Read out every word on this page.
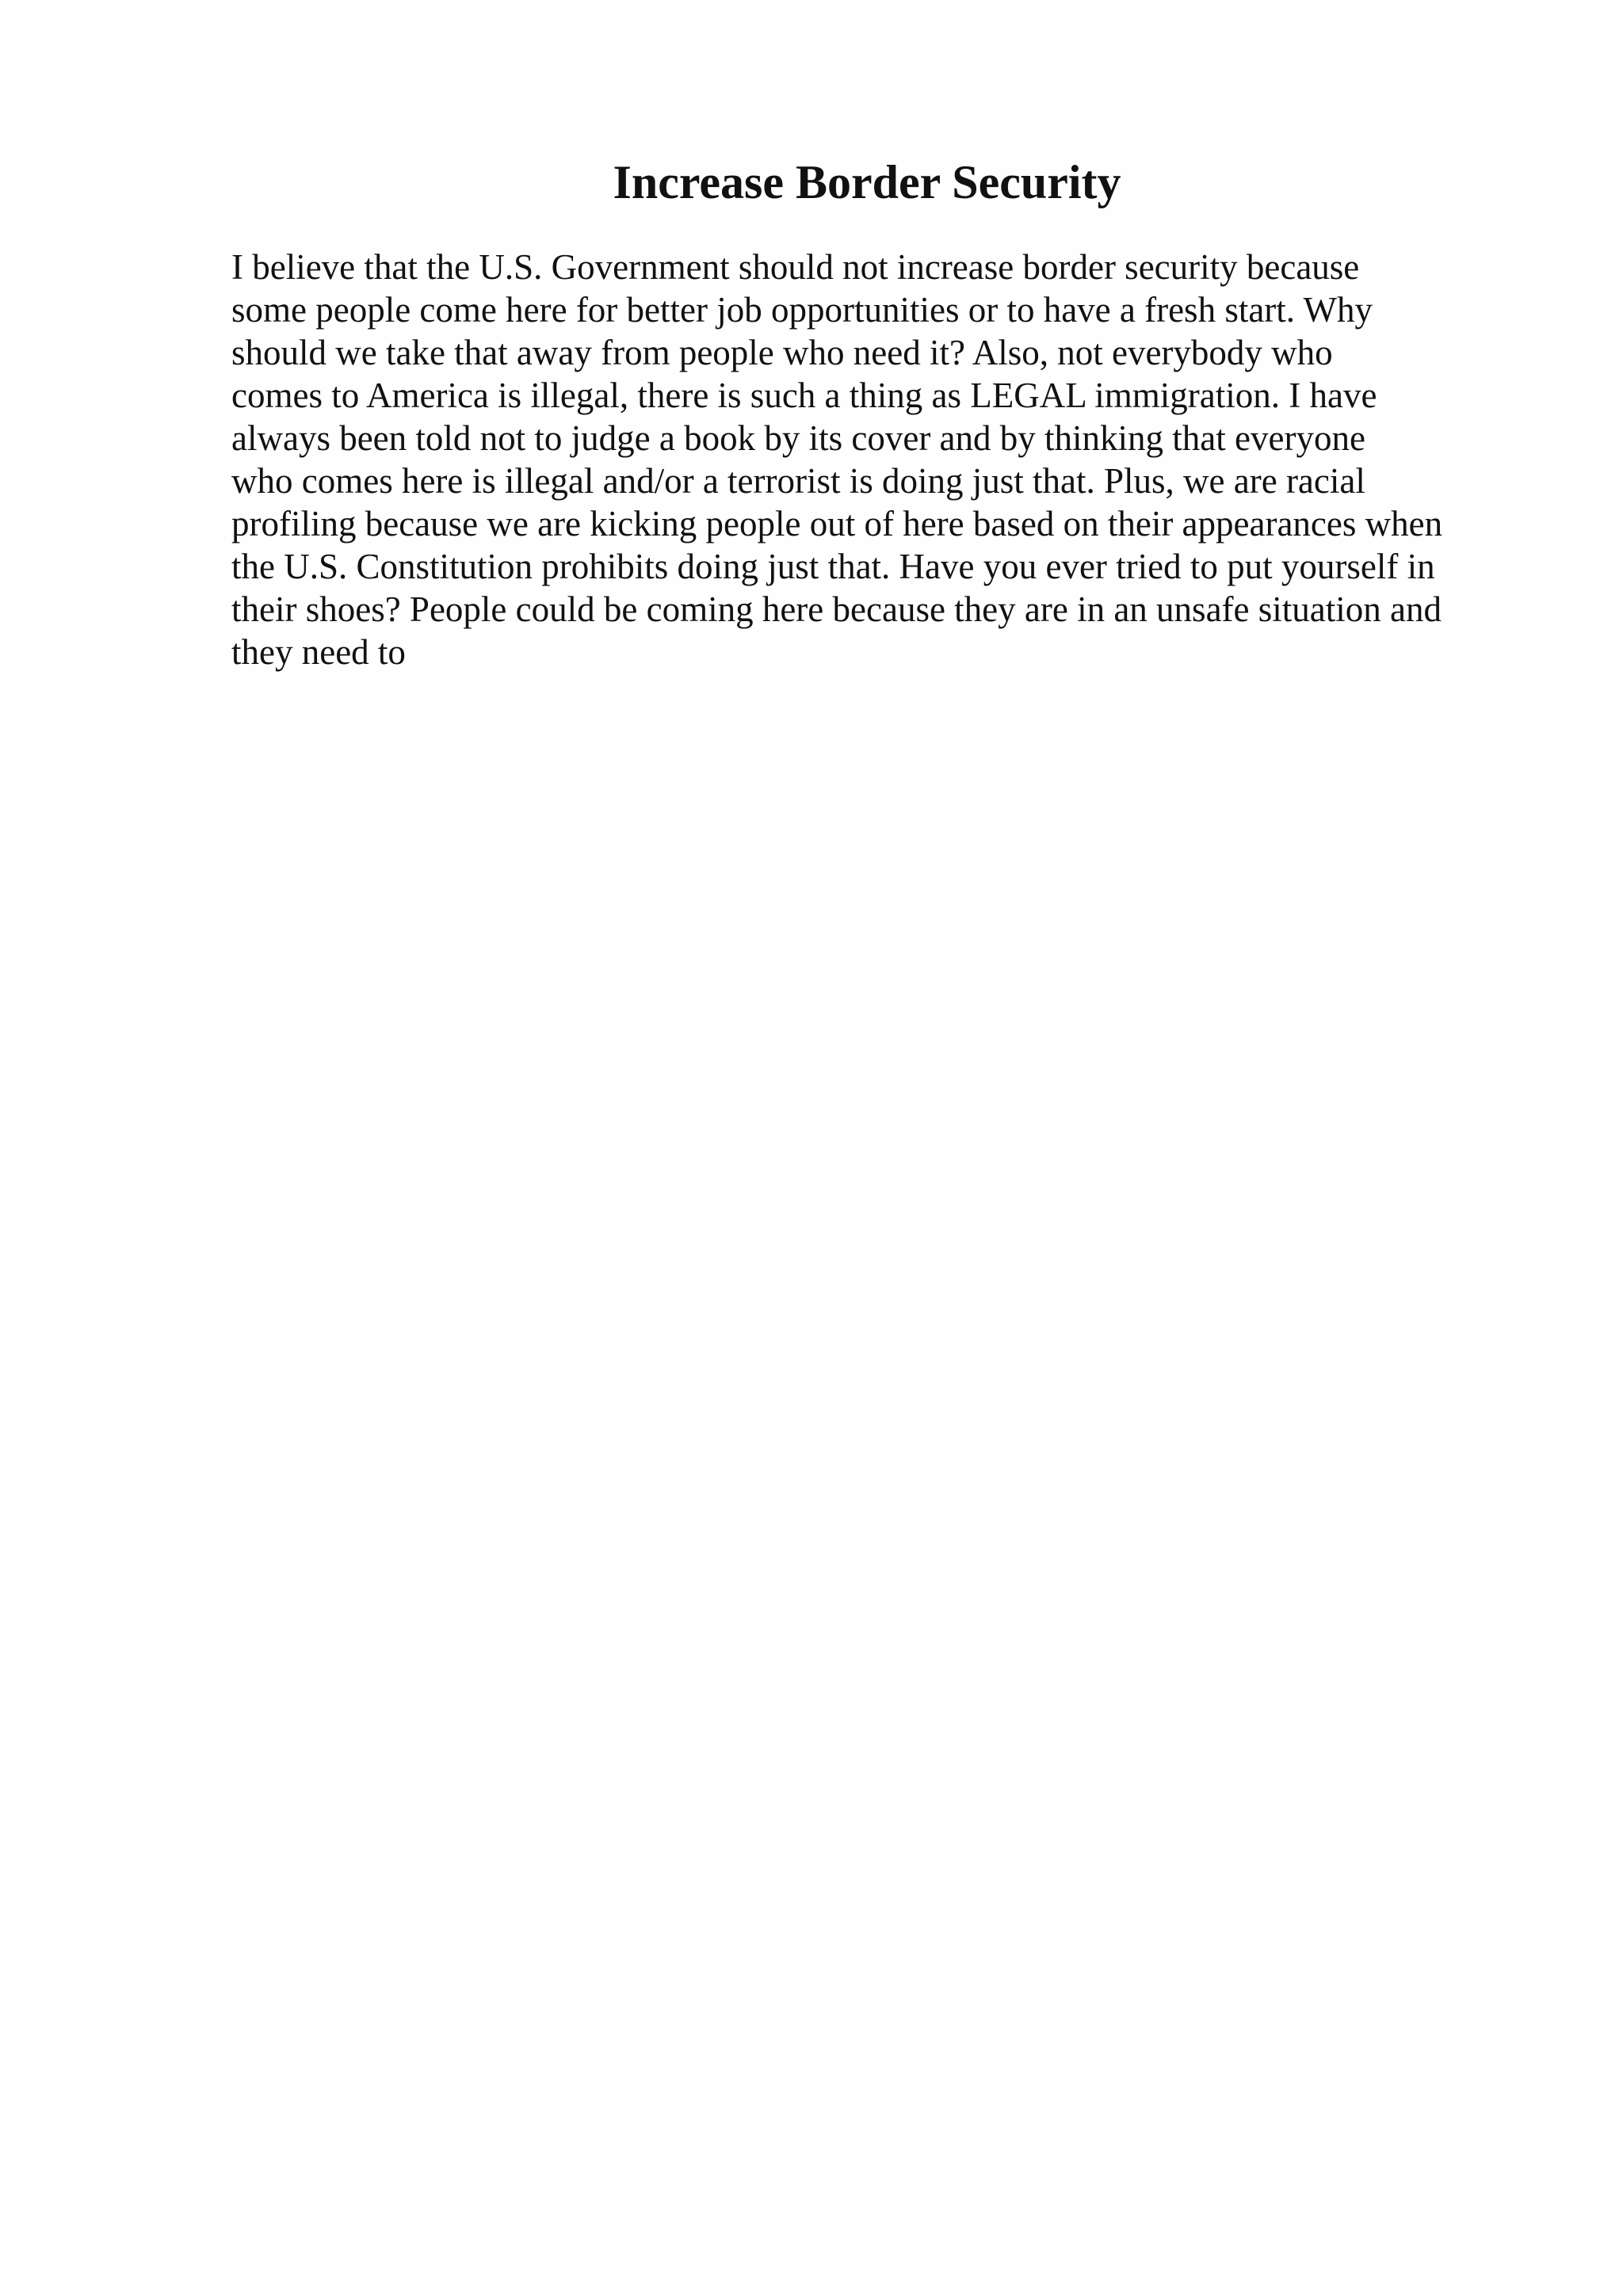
Increase Border Security

I believe that the U.S. Government should not increase border security because
some people come here for better job opportunities or to have a fresh start. Why
should we take that away from people who need it? Also, not everybody who
comes to America is illegal, there is such a thing as LEGAL immigration. I have
always been told not to judge a book by its cover and by thinking that everyone
who comes here is illegal and/or a terrorist is doing just that. Plus, we are racial
profiling because we are kicking people out of here based on their appearances when
the U.S. Constitution prohibits doing just that. Have you ever tried to put yourself in
their shoes? People could be coming here because they are in an unsafe situation and
they need to
